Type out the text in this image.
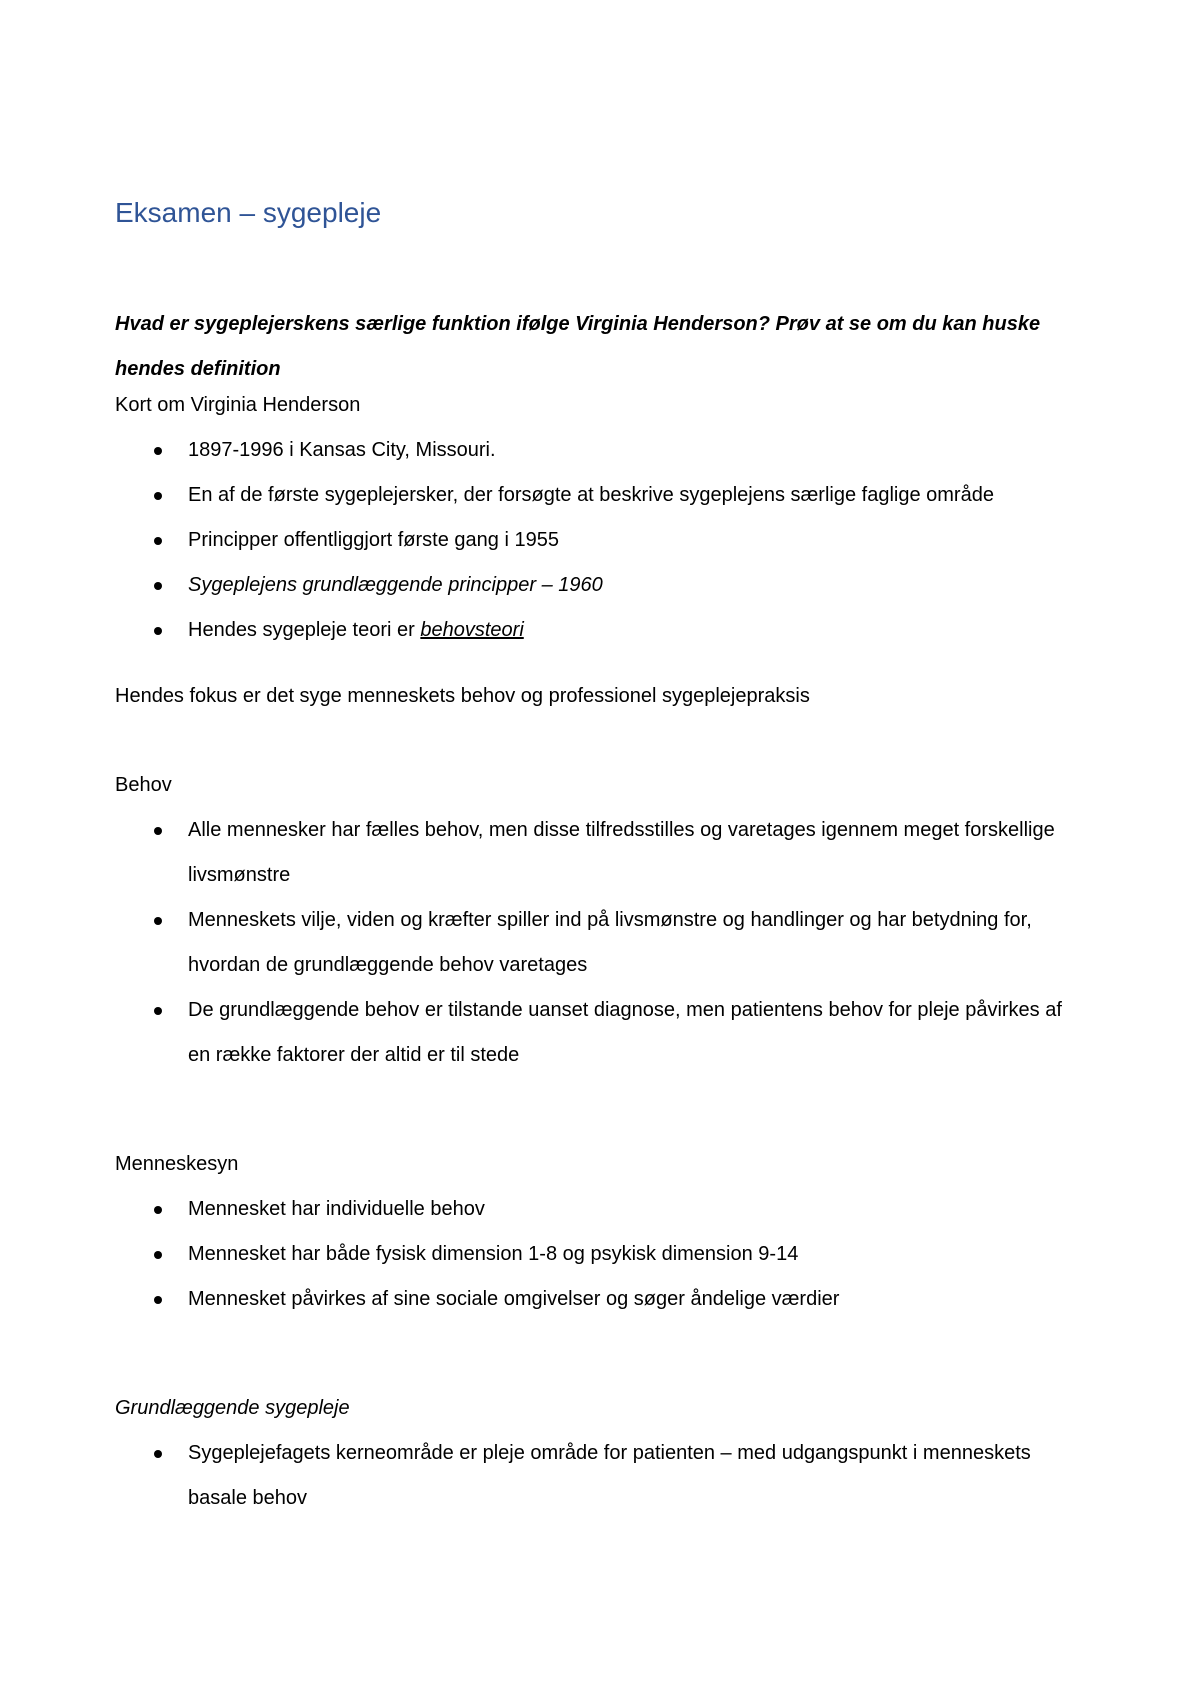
Eksamen – sygepleje

Hvad er sygeplejerskens særlige funktion ifølge Virginia Henderson? Prøv at se om du kan huske hendes definition

Kort om Virginia Henderson

1897-1996 i Kansas City, Missouri.
En af de første sygeplejersker, der forsøgte at beskrive sygeplejens særlige faglige område
Principper offentliggjort første gang i 1955
Sygeplejens grundlæggende principper – 1960
Hendes sygepleje teori er behovsteori

Hendes fokus er det syge menneskets behov og professionel sygeplejepraksis

Behov

Alle mennesker har fælles behov, men disse tilfredsstilles og varetages igennem meget forskellige livsmønstre
Menneskets vilje, viden og kræfter spiller ind på livsmønstre og handlinger og har betydning for, hvordan de grundlæggende behov varetages
De grundlæggende behov er tilstande uanset diagnose, men patientens behov for pleje påvirkes af en række faktorer der altid er til stede

Menneskesyn

Mennesket har individuelle behov
Mennesket har både fysisk dimension 1-8 og psykisk dimension 9-14
Mennesket påvirkes af sine sociale omgivelser og søger åndelige værdier

Grundlæggende sygepleje

Sygeplejefagets kerneområde er pleje område for patienten – med udgangspunkt i menneskets basale behov
